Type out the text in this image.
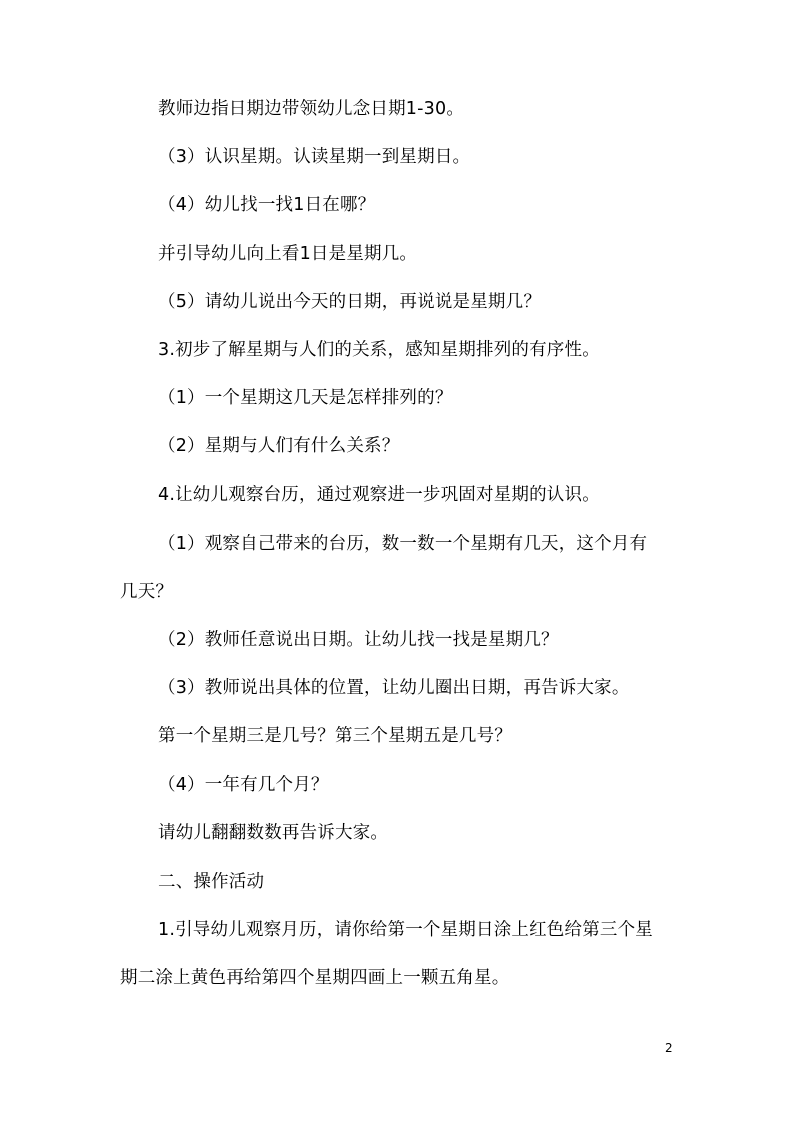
教师边指日期边带领幼儿念日期1-30。
（3）认识星期。认读星期一到星期日。
（4）幼儿找一找1日在哪？
并引导幼儿向上看1日是星期几。
（5）请幼儿说出今天的日期，再说说是星期几？
3.初步了解星期与人们的关系，感知星期排列的有序性。
（1）一个星期这几天是怎样排列的？
（2）星期与人们有什么关系？
4.让幼儿观察台历，通过观察进一步巩固对星期的认识。
（1）观察自己带来的台历，数一数一个星期有几天，这个月有
几天？
（2）教师任意说出日期。让幼儿找一找是星期几？
（3）教师说出具体的位置，让幼儿圈出日期，再告诉大家。
第一个星期三是几号？第三个星期五是几号？
（4）一年有几个月？
请幼儿翻翻数数再告诉大家。
二、操作活动
1.引导幼儿观察月历，请你给第一个星期日涂上红色给第三个星
期二涂上黄色再给第四个星期四画上一颗五角星。
2
